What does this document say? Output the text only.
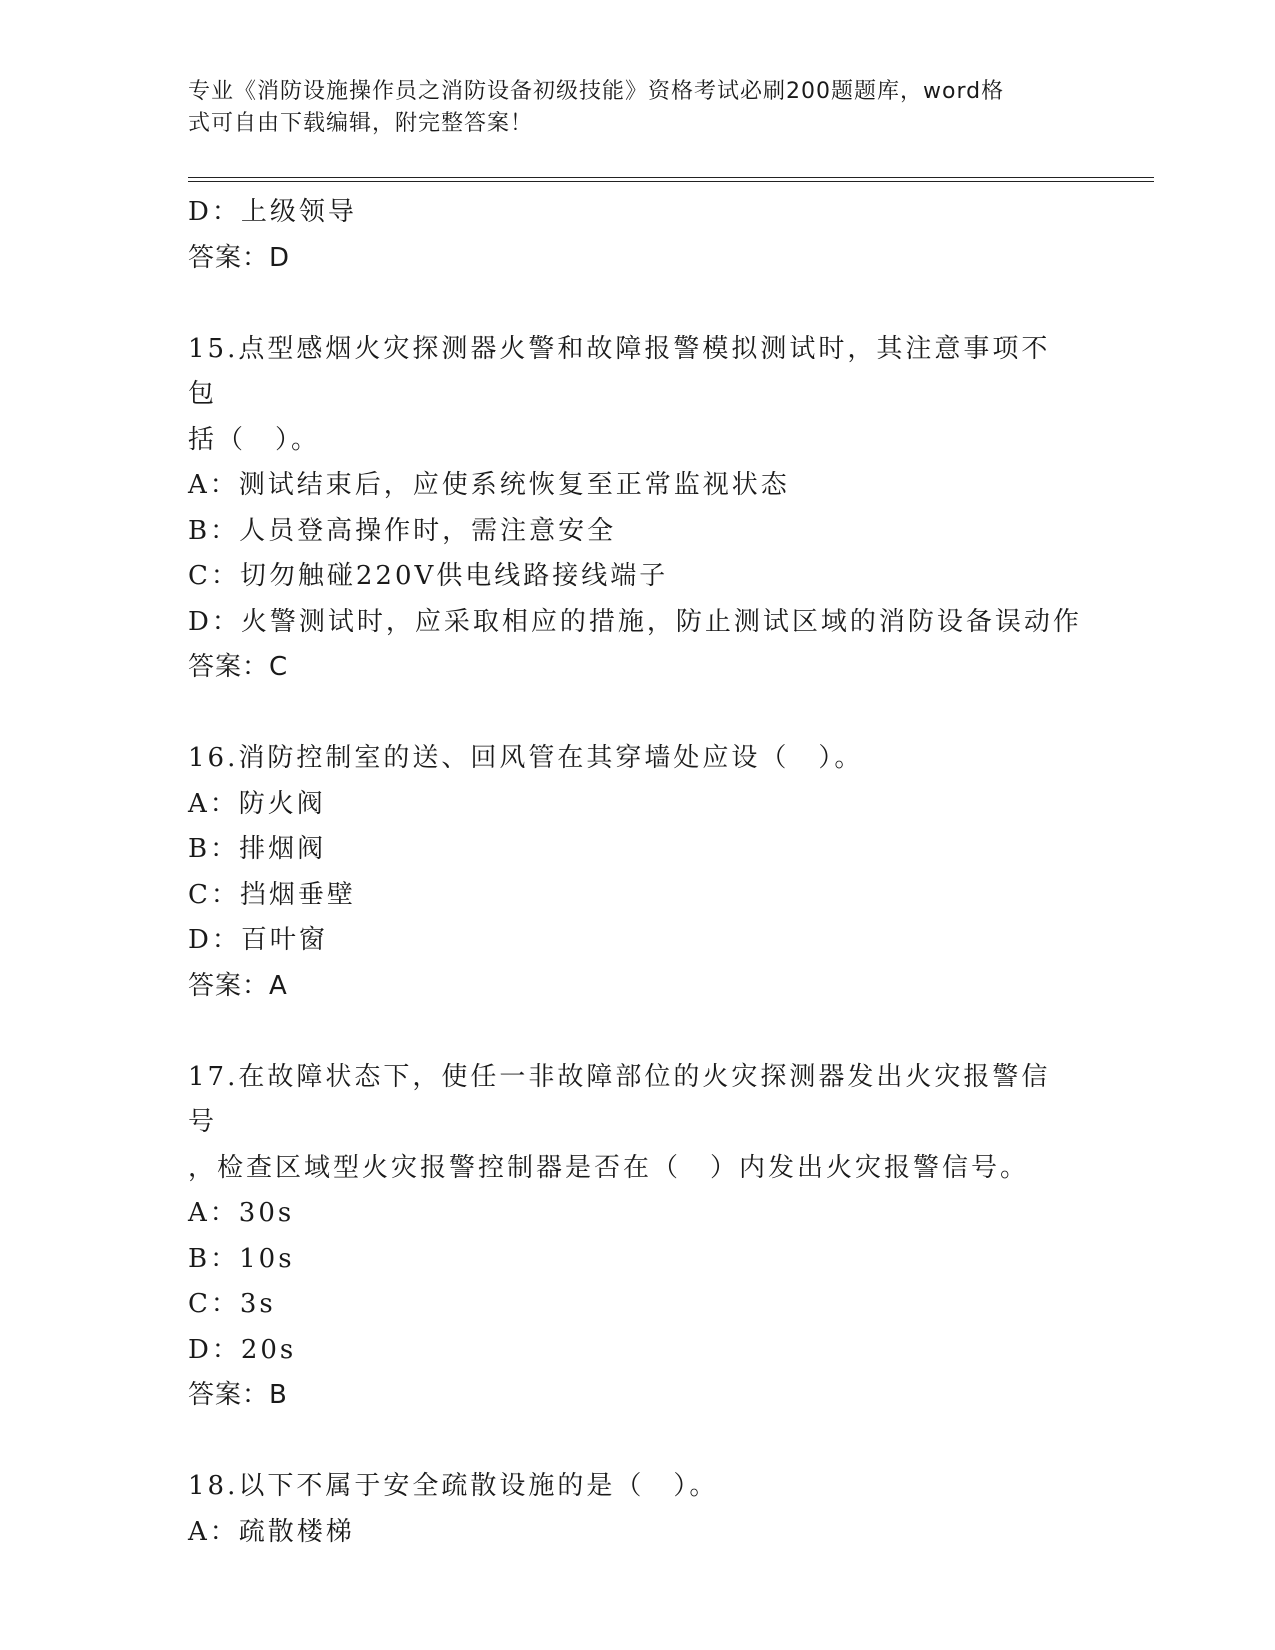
专业《消防设施操作员之消防设备初级技能》资格考试必刷200题题库，word格
式可自由下载编辑，附完整答案！
D：上级领导
答案：D
15.点型感烟火灾探测器火警和故障报警模拟测试时，其注意事项不包
括（　）。
A：测试结束后，应使系统恢复至正常监视状态
B：人员登高操作时，需注意安全
C：切勿触碰220V供电线路接线端子
D：火警测试时，应采取相应的措施，防止测试区域的消防设备误动作
答案：C
16.消防控制室的送、回风管在其穿墙处应设（　）。
A：防火阀
B：排烟阀
C：挡烟垂壁
D：百叶窗
答案：A
17.在故障状态下，使任一非故障部位的火灾探测器发出火灾报警信号
，检查区域型火灾报警控制器是否在（　）内发出火灾报警信号。
A：30s
B：10s
C：3s
D：20s
答案：B
18.以下不属于安全疏散设施的是（　）。
A：疏散楼梯
